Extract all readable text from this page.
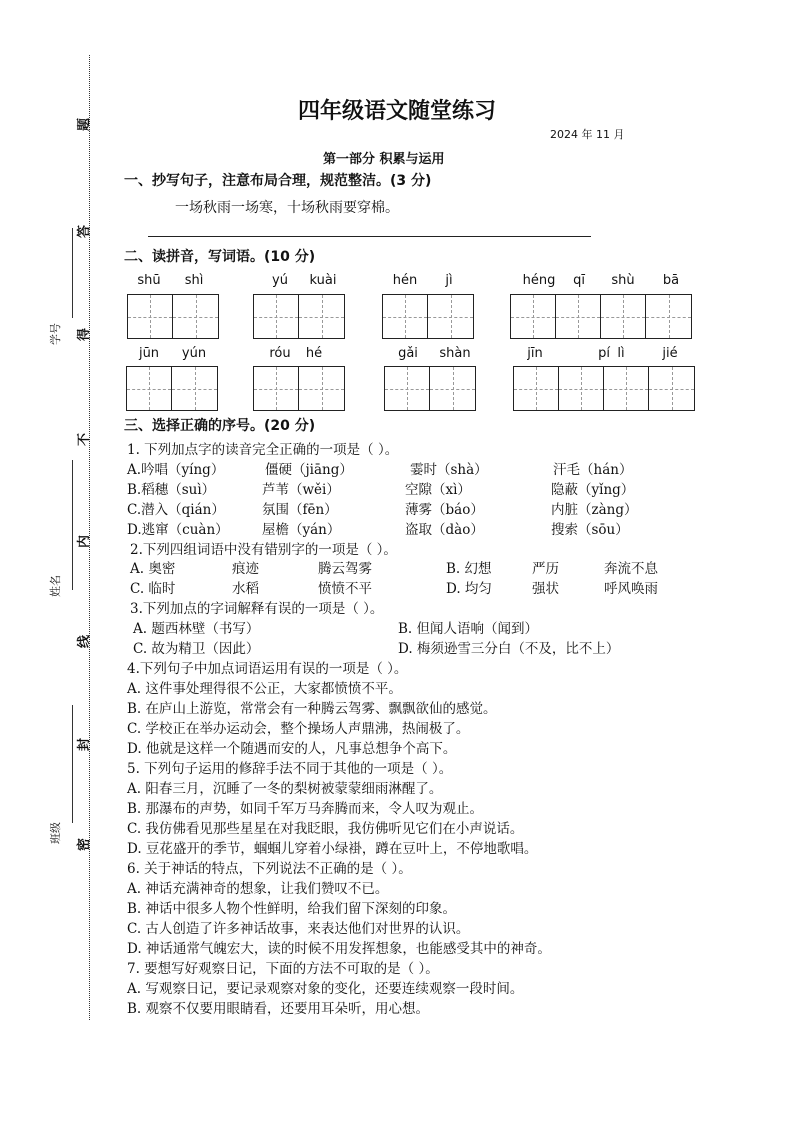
题
答
得
不
内
线
封
密
学号
姓名
班级
四年级语文随堂练习
2024 年 11 月
第一部分 积累与运用
一、抄写句子，注意布局合理，规范整洁。(3 分)
一场秋雨一场寒，十场秋雨要穿棉。
二、读拼音，写词语。(10 分)
shū	shì	yú	kuài	hén	jì	héng	qī	shù	bā
jūn	yún	róu	hé	gǎi	shàn	jīn	pí lì	jié
三、选择正确的序号。(20 分)
1. 下列加点字的读音完全正确的一项是（ ）。
A.吟唱（yíng）	僵硬（jiāng）	霎时（shà）	汗毛（hán）
B.稻穗（suì）	芦苇（wěi）	空隙（xì）	隐蔽（yǐng）
C.潜入（qián）	氛围（fēn）	薄雾（báo）	内脏（zàng）
D.逃窜（cuàn） 屋檐（yán）	盗取（dào）	搜索（sōu）
2.下列四组词语中没有错别字的一项是（ ）。
A. 奥密	痕迹	腾云驾雾	B. 幻想	严历	奔流不息
C. 临时	水稻	愤愤不平	D. 均匀	强状	呼风唤雨
3.下列加点的字词解释有误的一项是（ ）。
A. 题西林壁（书写）	B. 但闻人语响（闻到）
C. 故为精卫（因此）	D. 梅须逊雪三分白（不及，比不上）
4.下列句子中加点词语运用有误的一项是（ ）。
A. 这件事处理得很不公正，大家都愤愤不平。
B. 在庐山上游览，常常会有一种腾云驾雾、飘飘欲仙的感觉。
C. 学校正在举办运动会，整个操场人声鼎沸，热闹极了。
D. 他就是这样一个随遇而安的人，凡事总想争个高下。
5. 下列句子运用的修辞手法不同于其他的一项是（ ）。
A. 阳春三月，沉睡了一冬的梨树被蒙蒙细雨淋醒了。
B. 那瀑布的声势，如同千军万马奔腾而来，令人叹为观止。
C. 我仿佛看见那些星星在对我眨眼，我仿佛听见它们在小声说话。
D. 豆花盛开的季节，蝈蝈儿穿着小绿褂，蹲在豆叶上，不停地歌唱。
6. 关于神话的特点，下列说法不正确的是（ ）。
A. 神话充满神奇的想象，让我们赞叹不已。
B. 神话中很多人物个性鲜明，给我们留下深刻的印象。
C. 古人创造了许多神话故事，来表达他们对世界的认识。
D. 神话通常气魄宏大，读的时候不用发挥想象，也能感受其中的神奇。
7. 要想写好观察日记，下面的方法不可取的是（ ）。
A. 写观察日记，要记录观察对象的变化，还要连续观察一段时间。
B. 观察不仅要用眼睛看，还要用耳朵听，用心想。
